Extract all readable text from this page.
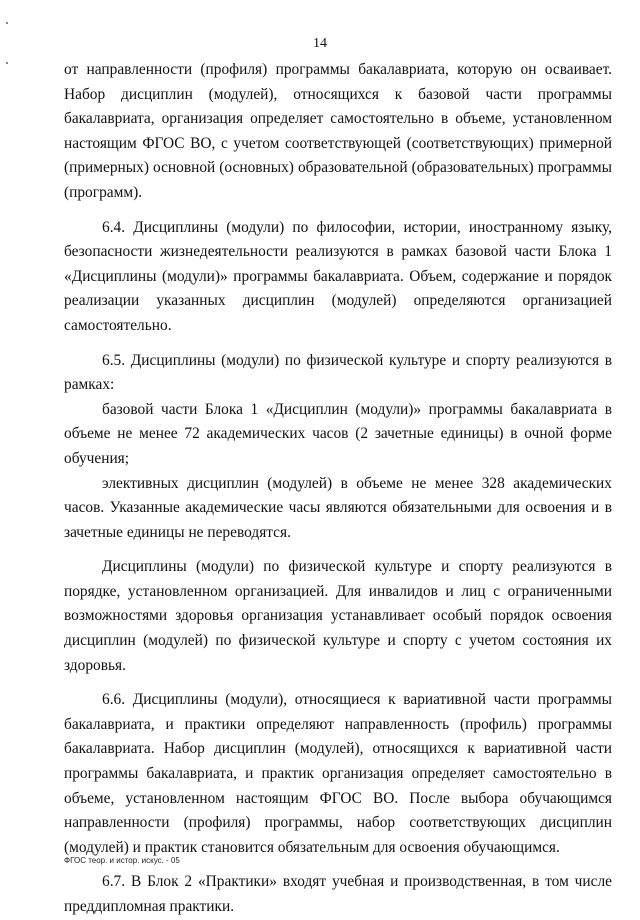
14

от направленности (профиля) программы бакалавриата, которую он осваивает. Набор дисциплин (модулей), относящихся к базовой части программы бакалавриата, организация определяет самостоятельно в объеме, установленном настоящим ФГОС ВО, с учетом соответствующей (соответствующих) примерной (примерных) основной (основных) образовательной (образовательных) программы (программ).

6.4. Дисциплины (модули) по философии, истории, иностранному языку, безопасности жизнедеятельности реализуются в рамках базовой части Блока 1 «Дисциплины (модули)» программы бакалавриата. Объем, содержание и порядок реализации указанных дисциплин (модулей) определяются организацией самостоятельно.

6.5. Дисциплины (модули) по физической культуре и спорту реализуются в рамках:

базовой части Блока 1 «Дисциплин (модули)» программы бакалавриата в объеме не менее 72 академических часов (2 зачетные единицы) в очной форме обучения;

элективных дисциплин (модулей) в объеме не менее 328 академических часов. Указанные академические часы являются обязательными для освоения и в зачетные единицы не переводятся.

Дисциплины (модули) по физической культуре и спорту реализуются в порядке, установленном организацией. Для инвалидов и лиц с ограниченными возможностями здоровья организация устанавливает особый порядок освоения дисциплин (модулей) по физической культуре и спорту с учетом состояния их здоровья.

6.6. Дисциплины (модули), относящиеся к вариативной части программы бакалавриата, и практики определяют направленность (профиль) программы бакалавриата. Набор дисциплин (модулей), относящихся к вариативной части программы бакалавриата, и практик организация определяет самостоятельно в объеме, установленном настоящим ФГОС ВО. После выбора обучающимся направленности (профиля) программы, набор соответствующих дисциплин (модулей) и практик становится обязательным для освоения обучающимся.

6.7. В Блок 2 «Практики» входят учебная и производственная, в том числе преддипломная практики.

ФГОС теор. и истор. искус. - 05
